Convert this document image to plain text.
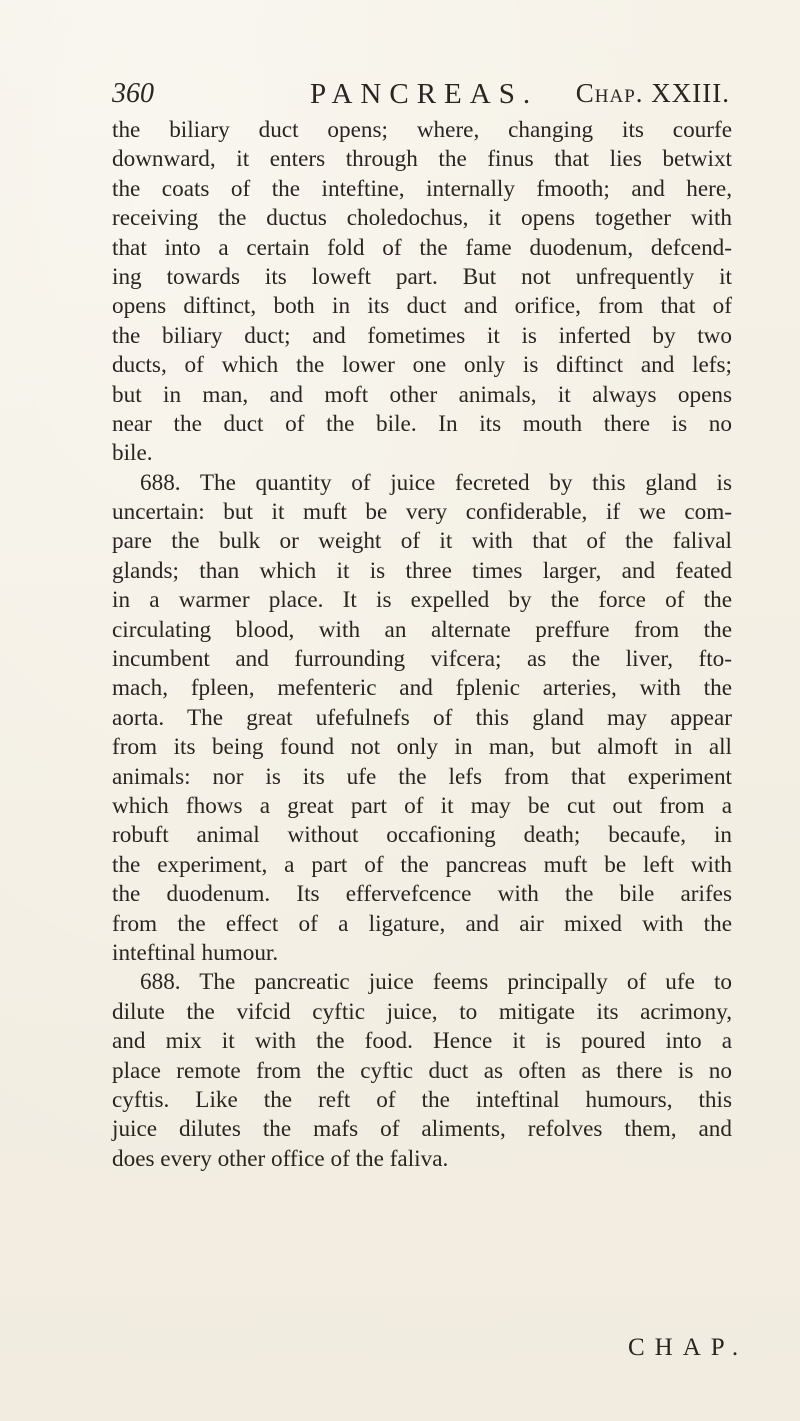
360	PANCREAS. Chap. XXIII.
the biliary duct opens; where, changing its courfe
downward, it enters through the finus that lies betwixt
the coats of the inteftine, internally fmooth; and here,
receiving the ductus choledochus, it opens together with
that into a certain fold of the fame duodenum, defcend-
ing towards its loweft part. But not unfrequently it
opens diftinct, both in its duct and orifice, from that of
the biliary duct; and fometimes it is inferted by two
ducts, of which the lower one only is diftinct and lefs;
but in man, and moft other animals, it always opens
near the duct of the bile. In its mouth there is no
bile.
688. The quantity of juice fecreted by this gland is
uncertain: but it muft be very confiderable, if we com-
pare the bulk or weight of it with that of the falival
glands; than which it is three times larger, and feated
in a warmer place. It is expelled by the force of the
circulating blood, with an alternate preffure from the
incumbent and furrounding vifcera; as the liver, fto-
mach, fpleen, mefenteric and fplenic arteries, with the
aorta. The great ufefulnefs of this gland may appear
from its being found not only in man, but almoft in all
animals: nor is its ufe the lefs from that experiment
which fhows a great part of it may be cut out from a
robuft animal without occafioning death; becaufe, in
the experiment, a part of the pancreas muft be left with
the duodenum. Its effervefcence with the bile arifes
from the effect of a ligature, and air mixed with the
inteftinal humour.
688. The pancreatic juice feems principally of ufe to
dilute the vifcid cyftic juice, to mitigate its acrimony,
and mix it with the food. Hence it is poured into a
place remote from the cyftic duct as often as there is no
cyftis. Like the reft of the inteftinal humours, this
juice dilutes the mafs of aliments, refolves them, and
does every other office of the faliva.
CHAP.
